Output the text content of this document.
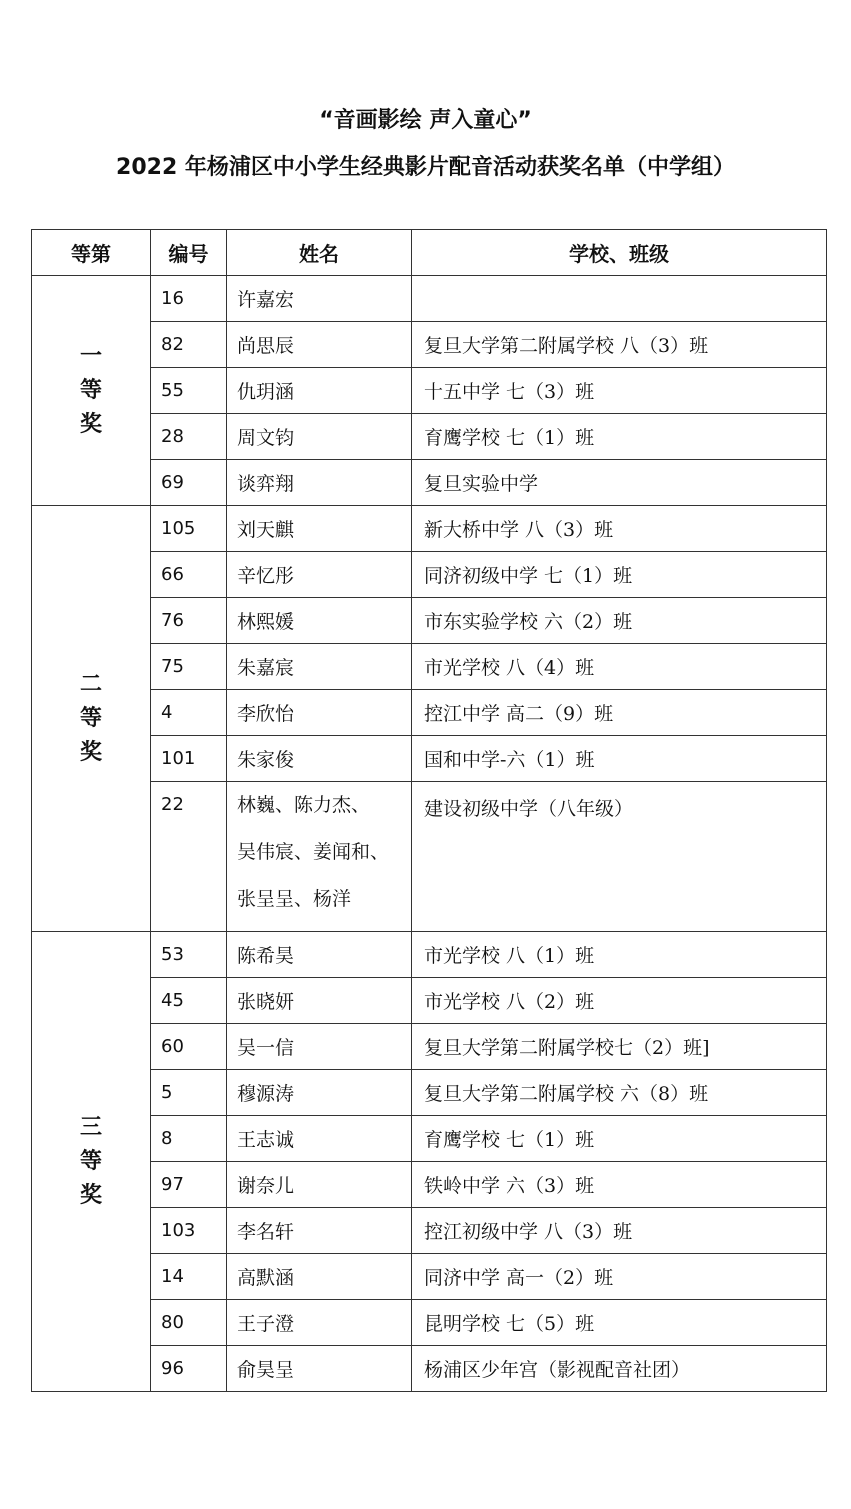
“音画影绘 声入童心”
2022 年杨浦区中小学生经典影片配音活动获奖名单（中学组）
等第	编号	姓名	学校、班级

一
等
奖	16	许嘉宏	
	82	尚思辰	复旦大学第二附属学校 八（3）班
	55	仇玥涵	十五中学 七（3）班
	28	周文钧	育鹰学校 七（1）班
	69	谈弈翔	复旦实验中学

二
等
奖	105	刘天麒	新大桥中学 八（3）班
	66	辛忆彤	同济初级中学 七（1）班
	76	林熙媛	市东实验学校 六（2）班
	75	朱嘉宸	市光学校 八（4）班
	4	李欣怡	控江中学 高二（9）班
	101	朱家俊	国和中学-六（1）班
	22	林巍、陈力杰、
吴伟宸、姜闻和、
张呈呈、杨洋	建设初级中学（八年级）

三
等
奖	53	陈希昊	市光学校 八（1）班
	45	张晓妍	市光学校 八（2）班
	60	吴一信	复旦大学第二附属学校七（2）班]
	5	穆源涛	复旦大学第二附属学校 六（8）班
	8	王志诚	育鹰学校 七（1）班
	97	谢奈儿	铁岭中学 六（3）班
	103	李名轩	控江初级中学 八（3）班
	14	高默涵	同济中学 高一（2）班
	80	王子澄	昆明学校 七（5）班
	96	俞昊呈	杨浦区少年宫（影视配音社团）
